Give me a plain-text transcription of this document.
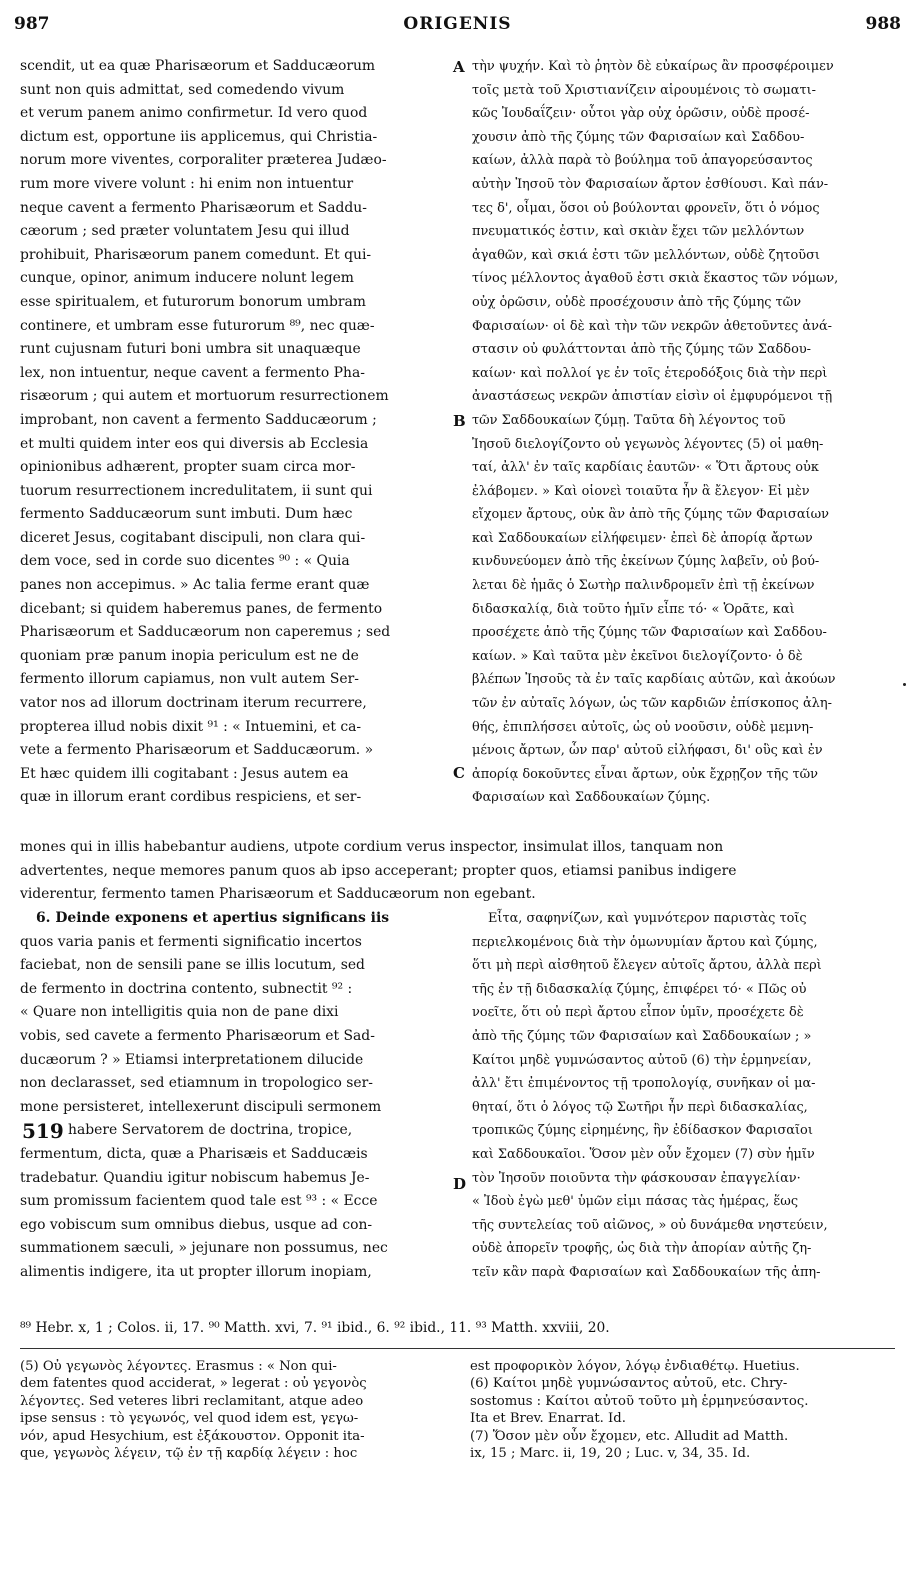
987	ORIGENIS	988

scendit, ut ea quæ Pharisæorum et Sadducæorum

sunt non quis admittat, sed comedendo vivum

et verum panem animo confirmetur. Id vero quod

dictum est, opportune iis applicemus, qui Christia-

norum more viventes, corporaliter præterea Judæo-

rum more vivere volunt : hi enim non intuentur

neque cavent a fermento Pharisæorum et Saddu-

cæorum ; sed præter voluntatem Jesu qui illud

prohibuit, Pharisæorum panem comedunt. Et qui-

cunque, opinor, animum inducere nolunt legem

esse spiritualem, et futurorum bonorum umbram

continere, et umbram esse futurorum ⁸⁹, nec quæ-

runt cujusnam futuri boni umbra sit unaquæque

lex, non intuentur, neque cavent a fermento Pha-

risæorum ; qui autem et mortuorum resurrectionem

improbant, non cavent a fermento Sadducæorum ;

et multi quidem inter eos qui diversis ab Ecclesia

opinionibus adhærent, propter suam circa mor-

tuorum resurrectionem incredulitatem, ii sunt qui

fermento Sadducæorum sunt imbuti. Dum hæc

diceret Jesus, cogitabant discipuli, non clara qui-

dem voce, sed in corde suo dicentes ⁹⁰ : « Quia

panes non accepimus. » Ac talia ferme erant quæ

dicebant; si quidem haberemus panes, de fermento

Pharisæorum et Sadducæorum non caperemus ; sed

quoniam præ panum inopia periculum est ne de

fermento illorum capiamus, non vult autem Ser-

vator nos ad illorum doctrinam iterum recurrere,

propterea illud nobis dixit ⁹¹ : « Intuemini, et ca-

vete a fermento Pharisæorum et Sadducæorum. »

Et hæc quidem illi cogitabant : Jesus autem ea

quæ in illorum erant cordibus respiciens, et ser-

τὴν ψυχήν. Καὶ τὸ ῥητὸν δὲ εὐκαίρως ἂν προσφέροιμεν

τοῖς μετὰ τοῦ Χριστιανίζειν αἱρουμένοις τὸ σωματι-

κῶς Ἰουδαΐζειν· οὗτοι γὰρ οὐχ ὁρῶσιν, οὐδὲ προσέ-

χουσιν ἀπὸ τῆς ζύμης τῶν Φαρισαίων καὶ Σαδδου-

καίων, ἀλλὰ παρὰ τὸ βούλημα τοῦ ἀπαγορεύσαντος

αὐτὴν Ἰησοῦ τὸν Φαρισαίων ἄρτον ἐσθίουσι. Καὶ πάν-

τες δ', οἶμαι, ὅσοι οὐ βούλονται φρονεῖν, ὅτι ὁ νόμος

πνευματικός ἐστιν, καὶ σκιὰν ἔχει τῶν μελλόντων

ἀγαθῶν, καὶ σκιά ἐστι τῶν μελλόντων, οὐδὲ ζητοῦσι

τίνος μέλλοντος ἀγαθοῦ ἐστι σκιὰ ἕκαστος τῶν νόμων,

οὐχ ὁρῶσιν, οὐδὲ προσέχουσιν ἀπὸ τῆς ζύμης τῶν

Φαρισαίων· οἱ δὲ καὶ τὴν τῶν νεκρῶν ἀθετοῦντες ἀνά-

στασιν οὐ φυλάττονται ἀπὸ τῆς ζύμης τῶν Σαδδου-

καίων· καὶ πολλοί γε ἐν τοῖς ἑτεροδόξοις διὰ τὴν περὶ

ἀναστάσεως νεκρῶν ἀπιστίαν εἰσὶν οἱ ἐμφυρόμενοι τῇ

τῶν Σαδδουκαίων ζύμῃ. Ταῦτα δὴ λέγοντος τοῦ

Ἰησοῦ διελογίζοντο οὐ γεγωνὸς λέγοντες (5) οἱ μαθη-

ταί, ἀλλ' ἐν ταῖς καρδίαις ἑαυτῶν· « Ὅτι ἄρτους οὐκ

ἐλάβομεν. » Καὶ οἱονεὶ τοιαῦτα ἦν ἃ ἔλεγον· Εἰ μὲν

εἴχομεν ἄρτους, οὐκ ἂν ἀπὸ τῆς ζύμης τῶν Φαρισαίων

καὶ Σαδδουκαίων εἰλήφειμεν· ἐπεὶ δὲ ἀπορίᾳ ἄρτων

κινδυνεύομεν ἀπὸ τῆς ἐκείνων ζύμης λαβεῖν, οὐ βού-

λεται δὲ ἡμᾶς ὁ Σωτὴρ παλινδρομεῖν ἐπὶ τῇ ἐκείνων

διδασκαλίᾳ, διὰ τοῦτο ἡμῖν εἶπε τό· « Ὁρᾶτε, καὶ

προσέχετε ἀπὸ τῆς ζύμης τῶν Φαρισαίων καὶ Σαδδου-

καίων. » Καὶ ταῦτα μὲν ἐκεῖνοι διελογίζοντο· ὁ δὲ

βλέπων Ἰησοῦς τὰ ἐν ταῖς καρδίαις αὐτῶν, καὶ ἀκούων

τῶν ἐν αὐταῖς λόγων, ὡς τῶν καρδιῶν ἐπίσκοπος ἀλη-

θής, ἐπιπλήσσει αὐτοῖς, ὡς οὐ νοοῦσιν, οὐδὲ μεμνη-

μένοις ἄρτων, ὧν παρ' αὐτοῦ εἰλήφασι, δι' οὓς καὶ ἐν

ἀπορίᾳ δοκοῦντες εἶναι ἄρτων, οὐκ ἔχρῃζον τῆς τῶν

Φαρισαίων καὶ Σαδδουκαίων ζύμης.

A
B
C
D

mones qui in illis habebantur audiens, utpote cordium verus inspector, insimulat illos, tanquam non

advertentes, neque memores panum quos ab ipso acceperant; propter quos, etiamsi panibus indigere

viderentur, fermento tamen Pharisæorum et Sadducæorum non egebant.

6. Deinde exponens et apertius significans iis

quos varia panis et fermenti significatio incertos

faciebat, non de sensili pane se illis locutum, sed

de fermento in doctrina contento, subnectit ⁹² :

« Quare non intelligitis quia non de pane dixi

vobis, sed cavete a fermento Pharisæorum et Sad-

ducæorum ? » Etiamsi interpretationem dilucide

non declarasset, sed etiamnum in tropologico ser-

mone persisteret, intellexerunt discipuli sermonem

habere Servatorem de doctrina, tropice,

fermentum, dicta, quæ a Pharisæis et Sadducæis

tradebatur. Quandiu igitur nobiscum habemus Je-

sum promissum facientem quod tale est ⁹³ : « Ecce

ego vobiscum sum omnibus diebus, usque ad con-

summationem sæculi, » jejunare non possumus, nec

alimentis indigere, ita ut propter illorum inopiam,

Εἶτα, σαφηνίζων, καὶ γυμνότερον παριστὰς τοῖς

περιελκομένοις διὰ τὴν ὁμωνυμίαν ἄρτου καὶ ζύμης,

ὅτι μὴ περὶ αἰσθητοῦ ἔλεγεν αὐτοῖς ἄρτου, ἀλλὰ περὶ

τῆς ἐν τῇ διδασκαλίᾳ ζύμης, ἐπιφέρει τό· « Πῶς οὐ

νοεῖτε, ὅτι οὐ περὶ ἄρτου εἶπον ὑμῖν, προσέχετε δὲ

ἀπὸ τῆς ζύμης τῶν Φαρισαίων καὶ Σαδδουκαίων ; »

Καίτοι μηδὲ γυμνώσαντος αὐτοῦ (6) τὴν ἑρμηνείαν,

ἀλλ' ἔτι ἐπιμένοντος τῇ τροπολογίᾳ, συνῆκαν οἱ μα-

θηταί, ὅτι ὁ λόγος τῷ Σωτῆρι ἦν περὶ διδασκαλίας,

τροπικῶς ζύμης εἰρημένης, ἣν ἐδίδασκον Φαρισαῖοι

καὶ Σαδδουκαῖοι. Ὅσον μὲν οὖν ἔχομεν (7) σὺν ἡμῖν

τὸν Ἰησοῦν ποιοῦντα τὴν φάσκουσαν ἐπαγγελίαν·

« Ἰδοὺ ἐγὼ μεθ' ὑμῶν εἰμι πάσας τὰς ἡμέρας, ἕως

τῆς συντελείας τοῦ αἰῶνος, » οὐ δυνάμεθα νηστεύειν,

οὐδὲ ἀπορεῖν τροφῆς, ὡς διὰ τὴν ἀπορίαν αὐτῆς ζη-

τεῖν κἂν παρὰ Φαρισαίων καὶ Σαδδουκαίων τῆς ἀπη-

519
⁸⁹ Hebr. x, 1 ; Colos. ii, 17. ⁹⁰ Matth. xvi, 7. ⁹¹ ibid., 6. ⁹² ibid., 11. ⁹³ Matth. xxviii, 20.

(5) Οὐ γεγωνὸς λέγοντες. Erasmus : « Non qui-

dem fatentes quod acciderat, » legerat : οὐ γεγονὸς

λέγοντες. Sed veteres libri reclamitant, atque adeo

ipse sensus : τὸ γεγωνός, vel quod idem est, γεγω-

νόν, apud Hesychium, est ἐξάκουστον. Opponit ita-

que, γεγωνὸς λέγειν, τῷ ἐν τῇ καρδίᾳ λέγειν : hoc

est προφορικὸν λόγον, λόγῳ ἐνδιαθέτῳ. Huetius.

(6) Καίτοι μηδὲ γυμνώσαντος αὐτοῦ, etc. Chry-

sostomus : Καίτοι αὐτοῦ τοῦτο μὴ ἑρμηνεύσαντος.

Ita et Brev. Enarrat. Id.

(7) Ὅσον μὲν οὖν ἔχομεν, etc. Alludit ad Matth.

ix, 15 ; Marc. ii, 19, 20 ; Luc. v, 34, 35. Id.
